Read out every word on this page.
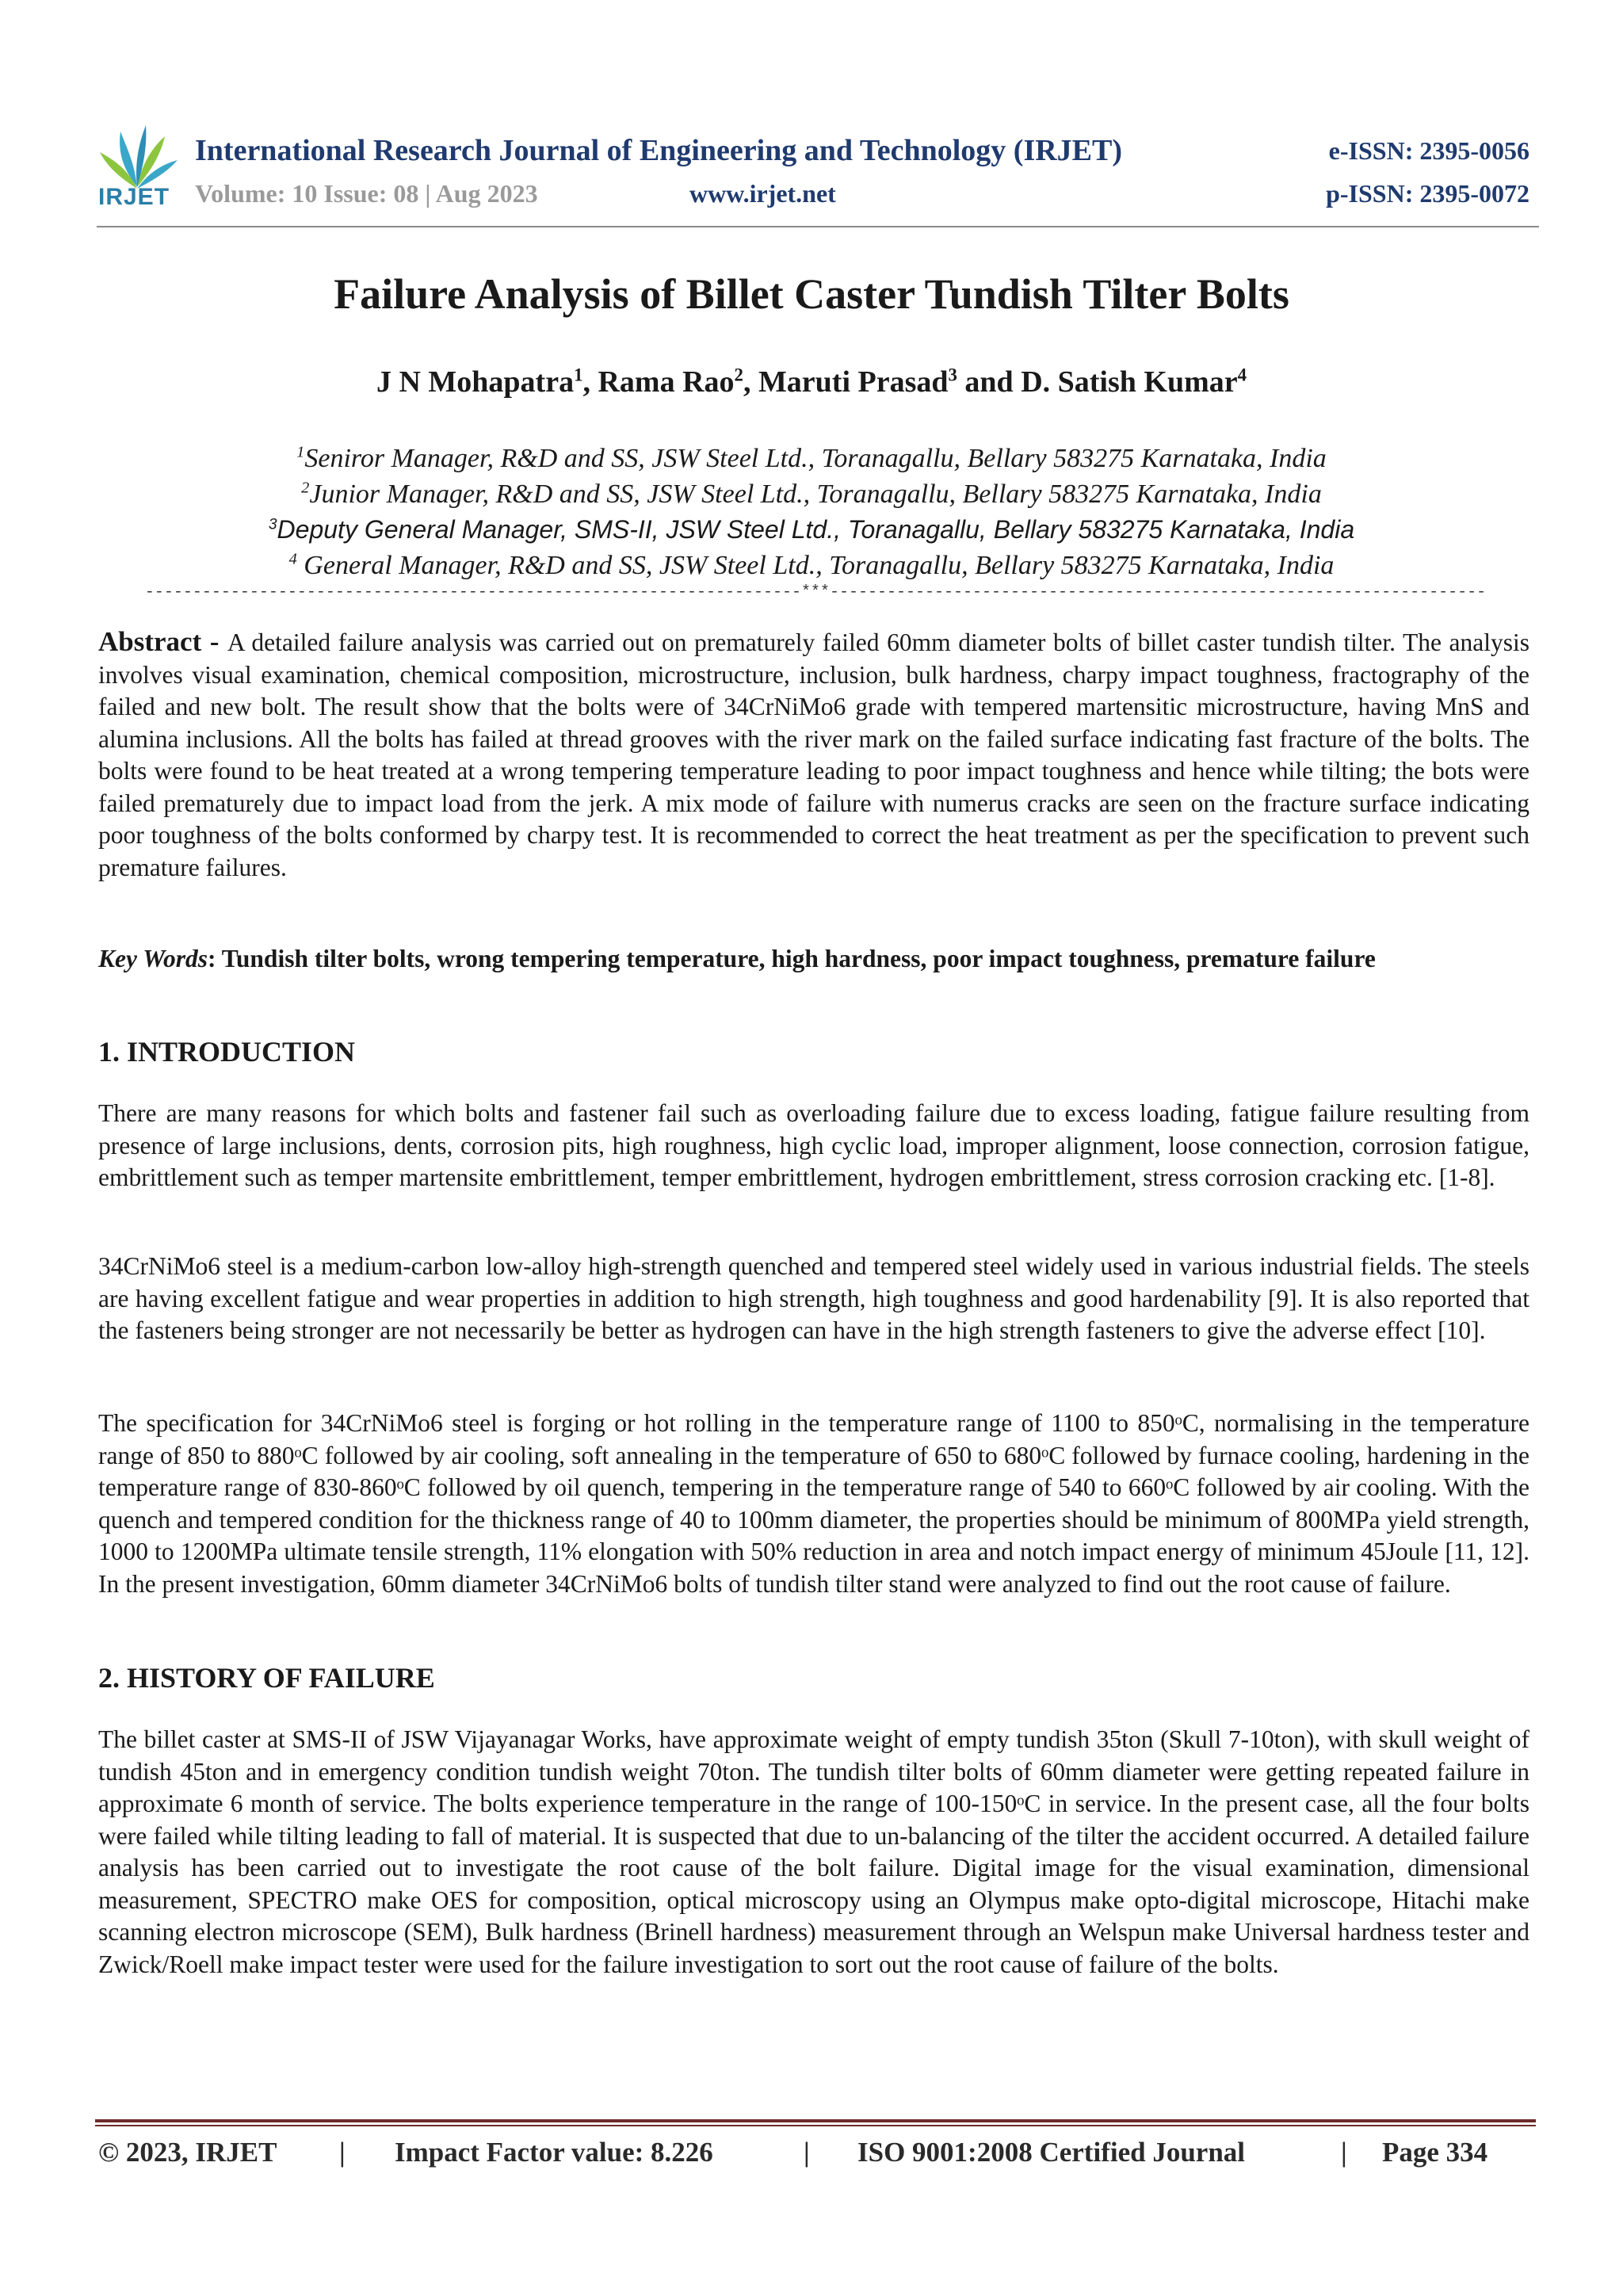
IRJET
International Research Journal of Engineering and Technology (IRJET)
Volume: 10 Issue: 08 | Aug 2023	www.irjet.net
e-ISSN: 2395-0056
p-ISSN: 2395-0072
Failure Analysis of Billet Caster Tundish Tilter Bolts
J N Mohapatra$^1$, Rama Rao$^2$, Maruti Prasad$^3$ and D. Satish Kumar$^4$
$^1$Seniror Manager, R&D and SS, JSW Steel Ltd., Toranagallu, Bellary 583275 Karnataka, India
$^2$Junior Manager, R&D and SS, JSW Steel Ltd., Toranagallu, Bellary 583275 Karnataka, India
$^3$Deputy General Manager, SMS-II, JSW Steel Ltd., Toranagallu, Bellary 583275 Karnataka, India
$^4$ General Manager, R&D and SS, JSW Steel Ltd., Toranagallu, Bellary 583275 Karnataka, India
---------------------------------------------------------------------***---------------------------------------------------------------------
Abstract - A detailed failure analysis was carried out on prematurely failed 60mm diameter bolts of billet caster tundish tilter. The analysis involves visual examination, chemical composition, microstructure, inclusion, bulk hardness, charpy impact toughness, fractography of the failed and new bolt. The result show that the bolts were of 34CrNiMo6 grade with tempered martensitic microstructure, having MnS and alumina inclusions. All the bolts has failed at thread grooves with the river mark on the failed surface indicating fast fracture of the bolts. The bolts were found to be heat treated at a wrong tempering temperature leading to poor impact toughness and hence while tilting; the bots were failed prematurely due to impact load from the jerk. A mix mode of failure with numerus cracks are seen on the fracture surface indicating poor toughness of the bolts conformed by charpy test. It is recommended to correct the heat treatment as per the specification to prevent such premature failures.
Key Words: Tundish tilter bolts, wrong tempering temperature, high hardness, poor impact toughness, premature failure
1. INTRODUCTION
There are many reasons for which bolts and fastener fail such as overloading failure due to excess loading, fatigue failure resulting from presence of large inclusions, dents, corrosion pits, high roughness, high cyclic load, improper alignment, loose connection, corrosion fatigue, embrittlement such as temper martensite embrittlement, temper embrittlement, hydrogen embrittlement, stress corrosion cracking etc. [1-8].
34CrNiMo6 steel is a medium-carbon low-alloy high-strength quenched and tempered steel widely used in various industrial fields. The steels are having excellent fatigue and wear properties in addition to high strength, high toughness and good hardenability [9]. It is also reported that the fasteners being stronger are not necessarily be better as hydrogen can have in the high strength fasteners to give the adverse effect [10].
The specification for 34CrNiMo6 steel is forging or hot rolling in the temperature range of 1100 to 850ᵒC, normalising in the temperature range of 850 to 880ᵒC followed by air cooling, soft annealing in the temperature of 650 to 680ᵒC followed by furnace cooling, hardening in the temperature range of 830-860ᵒC followed by oil quench, tempering in the temperature range of 540 to 660ᵒC followed by air cooling. With the quench and tempered condition for the thickness range of 40 to 100mm diameter, the properties should be minimum of 800MPa yield strength, 1000 to 1200MPa ultimate tensile strength, 11% elongation with 50% reduction in area and notch impact energy of minimum 45Joule [11, 12]. In the present investigation, 60mm diameter 34CrNiMo6 bolts of tundish tilter stand were analyzed to find out the root cause of failure.
2. HISTORY OF FAILURE
The billet caster at SMS-II of JSW Vijayanagar Works, have approximate weight of empty tundish 35ton (Skull 7-10ton), with skull weight of tundish 45ton and in emergency condition tundish weight 70ton. The tundish tilter bolts of 60mm diameter were getting repeated failure in approximate 6 month of service. The bolts experience temperature in the range of 100-150ᵒC in service. In the present case, all the four bolts were failed while tilting leading to fall of material. It is suspected that due to un-balancing of the tilter the accident occurred. A detailed failure analysis has been carried out to investigate the root cause of the bolt failure. Digital image for the visual examination, dimensional measurement, SPECTRO make OES for composition, optical microscopy using an Olympus make opto-digital microscope, Hitachi make scanning electron microscope (SEM), Bulk hardness (Brinell hardness) measurement through an Welspun make Universal hardness tester and Zwick/Roell make impact tester were used for the failure investigation to sort out the root cause of failure of the bolts.
© 2023, IRJET | Impact Factor value: 8.226	| ISO 9001:2008 Certified Journal	| Page 334
